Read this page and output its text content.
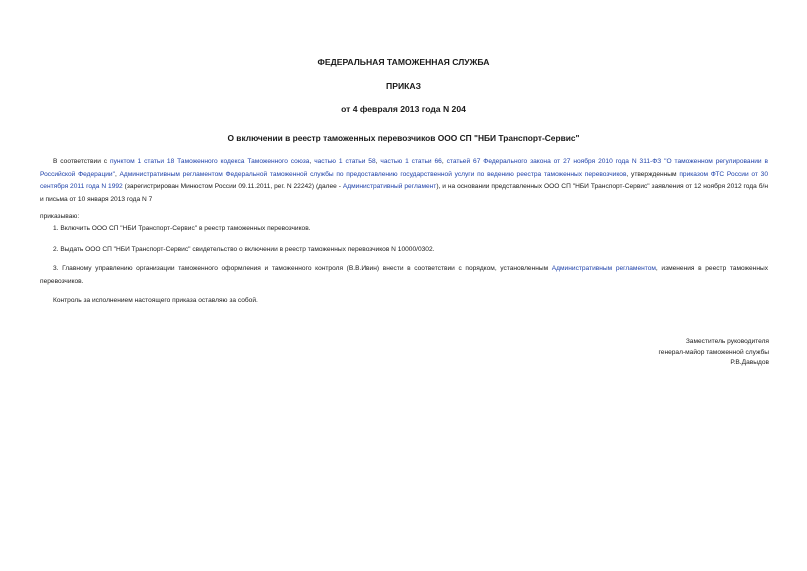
ФЕДЕРАЛЬНАЯ ТАМОЖЕННАЯ СЛУЖБА
ПРИКАЗ
от 4 февраля 2013 года N 204
О включении в реестр таможенных перевозчиков ООО СП "НБИ Транспорт-Сервис"
В соответствии с пунктом 1 статьи 18 Таможенного кодекса Таможенного союза, частью 1 статьи 58, частью 1 статьи 66, статьей 67 Федерального закона от 27 ноября 2010 года N 311-ФЗ "О таможенном регулировании в Российской Федерации", Административным регламентом Федеральной таможенной службы по предоставлению государственной услуги по ведению реестра таможенных перевозчиков, утвержденным приказом ФТС России от 30 сентября 2011 года N 1992 (зарегистрирован Минюстом России 09.11.2011, рег. N 22242) (далее - Административный регламент), и на основании представленных ООО СП "НБИ Транспорт-Сервис" заявления от 12 ноября 2012 года б/н и письма от 10 января 2013 года N 7
приказываю:
1. Включить ООО СП "НБИ Транспорт-Сервис" в реестр таможенных перевозчиков.
2. Выдать ООО СП "НБИ Транспорт-Сервис" свидетельство о включении в реестр таможенных перевозчиков N 10000/0302.
3. Главному управлению организации таможенного оформления и таможенного контроля (В.В.Ивин) внести в соответствии с порядком, установленным Административным регламентом, изменения в реестр таможенных перевозчиков.
Контроль за исполнением настоящего приказа оставляю за собой.
Заместитель руководителя
генерал-майор таможенной службы
Р.В.Давыдов
